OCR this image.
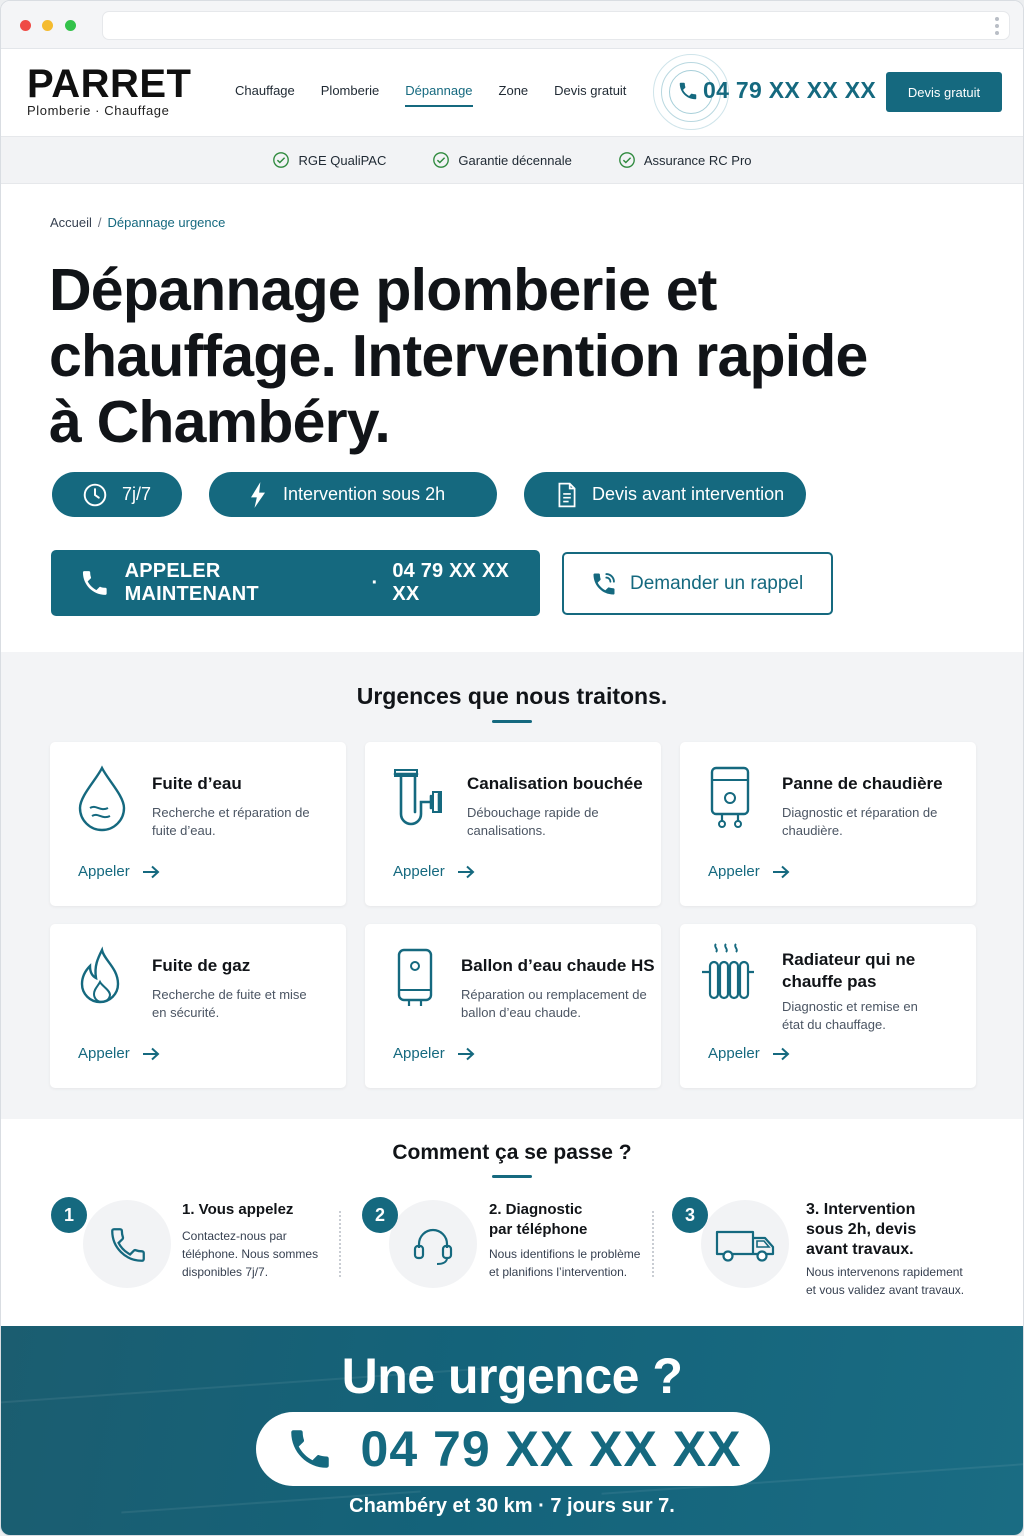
PARRET
Plomberie · Chauffage
Chauffage Plomberie Dépannage Zone Devis gratuit	04 79 XX XX XX	Devis gratuit
RGE QualiPAC	Garantie décennale	Assurance RC Pro
Accueil / Dépannage urgence
Dépannage plomberie et chauffage. Intervention rapide à Chambéry.
7j/7	Intervention sous 2h	Devis avant intervention
APPELER MAINTENANT
·
04 79 XX XX XX	Demander un rappel
Urgences que nous traitons.
Fuite d’eau
Recherche et réparation de fuite d’eau.
Appeler
Canalisation bouchée
Débouchage rapide de canalisations.
Appeler
Panne de chaudière
Diagnostic et réparation de chaudière.
Appeler
Fuite de gaz
Recherche de fuite et mise en sécurité.
Appeler
Ballon d’eau chaude HS
Réparation ou remplacement de ballon d’eau chaude.
Appeler
Radiateur qui ne chauffe pas
Diagnostic et remise en état du chauffage.
Appeler
Comment ça se passe ?
1	1. Vous appelez
Contactez-nous par téléphone. Nous sommes disponibles 7j/7.
2	2. Diagnostic par téléphone
Nous identifions le problème et planifions l’intervention.
3	3. Intervention sous 2h, devis avant travaux.
Nous intervenons rapidement et vous validez avant travaux.
Une urgence ?
04 79 XX XX XX
Chambéry et 30 km · 7 jours sur 7.
